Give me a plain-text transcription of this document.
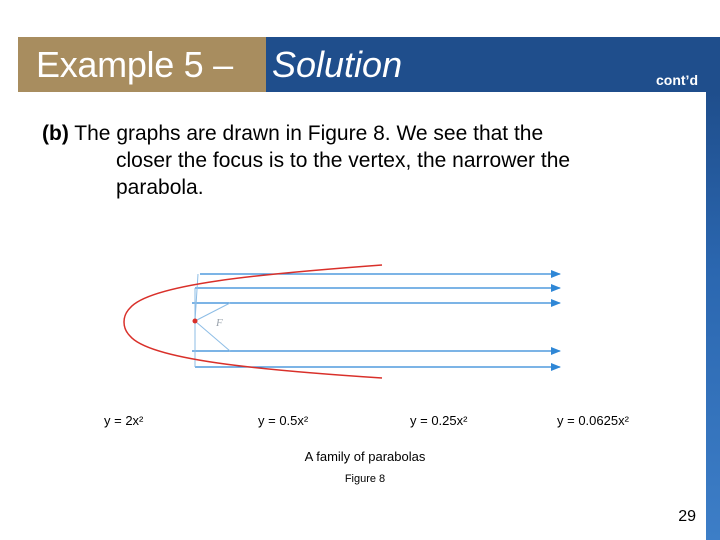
Example 5 – Solution	cont’d
(b) The graphs are drawn in Figure 8. We see that the
closer the focus is to the vertex, the narrower the
parabola.
F
y = 2x²	y = 0.5x²	y = 0.25x²	y = 0.0625x²
A family of parabolas
Figure 8
29
